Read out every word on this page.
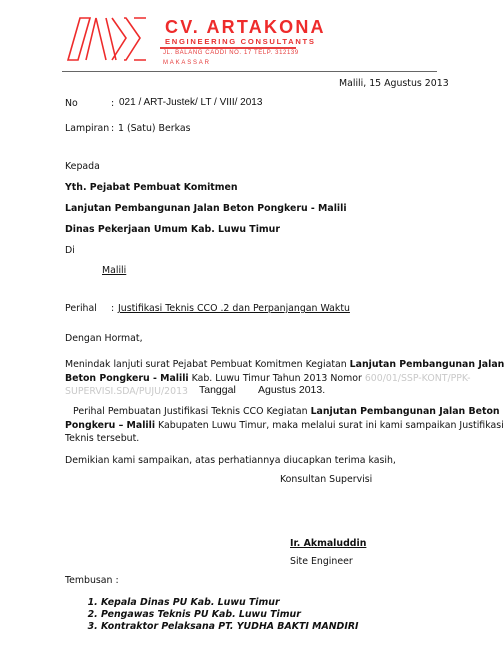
CV. ARTAKONA
ENGINEERING CONSULTANTS
JL. BALANG CADDI NO. 17 TELP. 312139
MAKASSAR
Malili, 15 Agustus 2013
No	: 021 / ART-Justek/ LT / VIII/ 2013
Lampiran : 1 (Satu) Berkas
Kepada
Yth. Pejabat Pembuat Komitmen
Lanjutan Pembangunan Jalan Beton Pongkeru - Malili
Dinas Pekerjaan Umum Kab. Luwu Timur
Di
Malili
Perihal : Justifikasi Teknis CCO .2 dan Perpanjangan Waktu
Dengan Hormat,
Menindak lanjuti surat Pejabat Pembuat Komitmen Kegiatan Lanjutan Pembangunan Jalan
Beton Pongkeru - Malili Kab. Luwu Timur Tahun 2013 Nomor 600/01/SSP-KONT/PPK-
SUPERVISI.SDA/PUJU/2013 Tanggal Agustus 2013.
Perihal Pembuatan Justifikasi Teknis CCO Kegiatan Lanjutan Pembangunan Jalan Beton
Pongkeru – Malili Kabupaten Luwu Timur, maka melalui surat ini kami sampaikan Justifikasi
Teknis tersebut.
Demikian kami sampaikan, atas perhatiannya diucapkan terima kasih,
Konsultan Supervisi
Ir. Akmaluddin
Site Engineer
Tembusan :
1. Kepala Dinas PU Kab. Luwu Timur
2. Pengawas Teknis PU Kab. Luwu Timur
3. Kontraktor Pelaksana PT. YUDHA BAKTI MANDIRI
